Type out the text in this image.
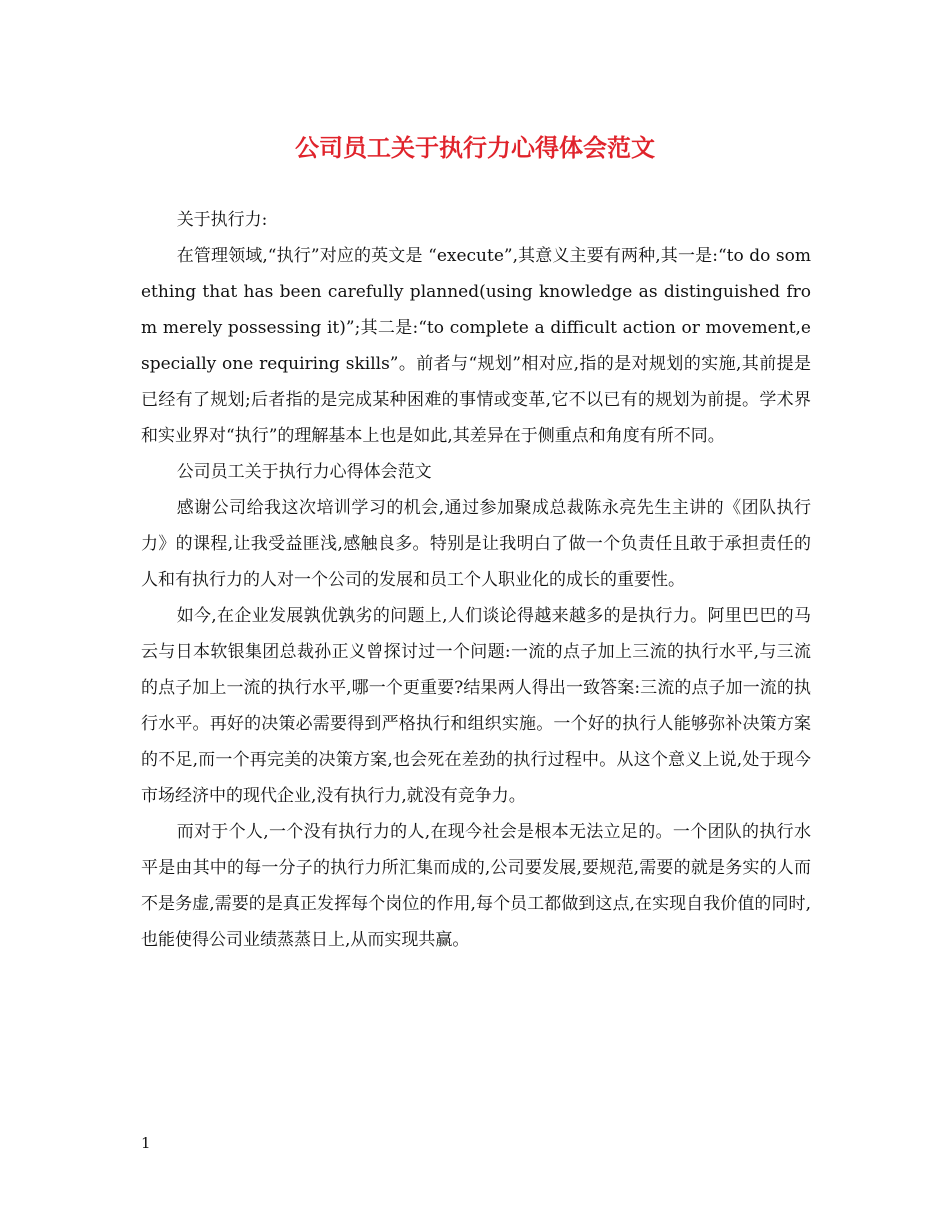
公司员工关于执行力心得体会范文

关于执行力:

在管理领域,“执行”对应的英文是 “execute”,其意义主要有两种,其一是:“to do something that has been carefully planned(using knowledge as distinguished from merely possessing it)”;其二是:“to complete a difficult action or movement,especially one requiring skills”。前者与“规划”相对应,指的是对规划的实施,其前提是已经有了规划;后者指的是完成某种困难的事情或变革,它不以已有的规划为前提。学术界和实业界对“执行”的理解基本上也是如此,其差异在于侧重点和角度有所不同。

公司员工关于执行力心得体会范文

感谢公司给我这次培训学习的机会,通过参加聚成总裁陈永亮先生主讲的《团队执行力》的课程,让我受益匪浅,感触良多。特别是让我明白了做一个负责任且敢于承担责任的人和有执行力的人对一个公司的发展和员工个人职业化的成长的重要性。

如今,在企业发展孰优孰劣的问题上,人们谈论得越来越多的是执行力。阿里巴巴的马云与日本软银集团总裁孙正义曾探讨过一个问题:一流的点子加上三流的执行水平,与三流的点子加上一流的执行水平,哪一个更重要?结果两人得出一致答案:三流的点子加一流的执行水平。再好的决策必需要得到严格执行和组织实施。一个好的执行人能够弥补决策方案的不足,而一个再完美的决策方案,也会死在差劲的执行过程中。从这个意义上说,处于现今市场经济中的现代企业,没有执行力,就没有竞争力。

而对于个人,一个没有执行力的人,在现今社会是根本无法立足的。一个团队的执行水平是由其中的每一分子的执行力所汇集而成的,公司要发展,要规范,需要的就是务实的人而不是务虚,需要的是真正发挥每个岗位的作用,每个员工都做到这点,在实现自我价值的同时,也能使得公司业绩蒸蒸日上,从而实现共赢。

1
